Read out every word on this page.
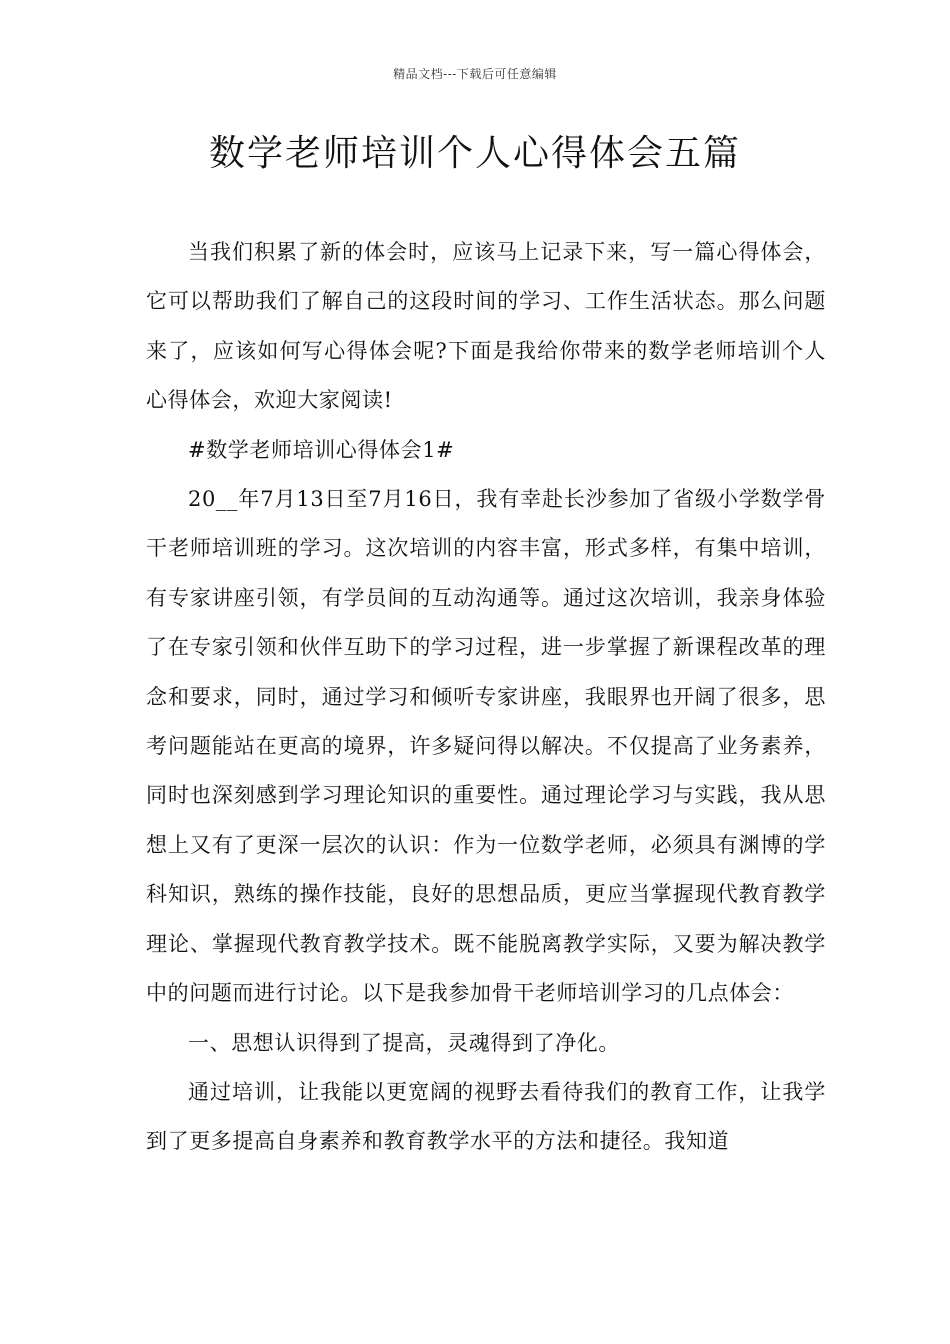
精品文档---下载后可任意编辑
数学老师培训个人心得体会五篇

当我们积累了新的体会时，应该马上记录下来，写一篇心得体会，它可以帮助我们了解自己的这段时间的学习、工作生活状态。那么问题来了，应该如何写心得体会呢?下面是我给你带来的数学老师培训个人心得体会，欢迎大家阅读!

#数学老师培训心得体会1#

20__年7月13日至7月16日，我有幸赴长沙参加了省级小学数学骨干老师培训班的学习。这次培训的内容丰富，形式多样，有集中培训，有专家讲座引领，有学员间的互动沟通等。通过这次培训，我亲身体验了在专家引领和伙伴互助下的学习过程，进一步掌握了新课程改革的理念和要求，同时，通过学习和倾听专家讲座，我眼界也开阔了很多，思考问题能站在更高的境界，许多疑问得以解决。不仅提高了业务素养，同时也深刻感到学习理论知识的重要性。通过理论学习与实践，我从思想上又有了更深一层次的认识：作为一位数学老师，必须具有渊博的学科知识，熟练的操作技能，良好的思想品质，更应当掌握现代教育教学理论、掌握现代教育教学技术。既不能脱离教学实际，又要为解决教学中的问题而进行讨论。以下是我参加骨干老师培训学习的几点体会：

一、思想认识得到了提高，灵魂得到了净化。

通过培训，让我能以更宽阔的视野去看待我们的教育工作，让我学到了更多提高自身素养和教育教学水平的方法和捷径。我知道
